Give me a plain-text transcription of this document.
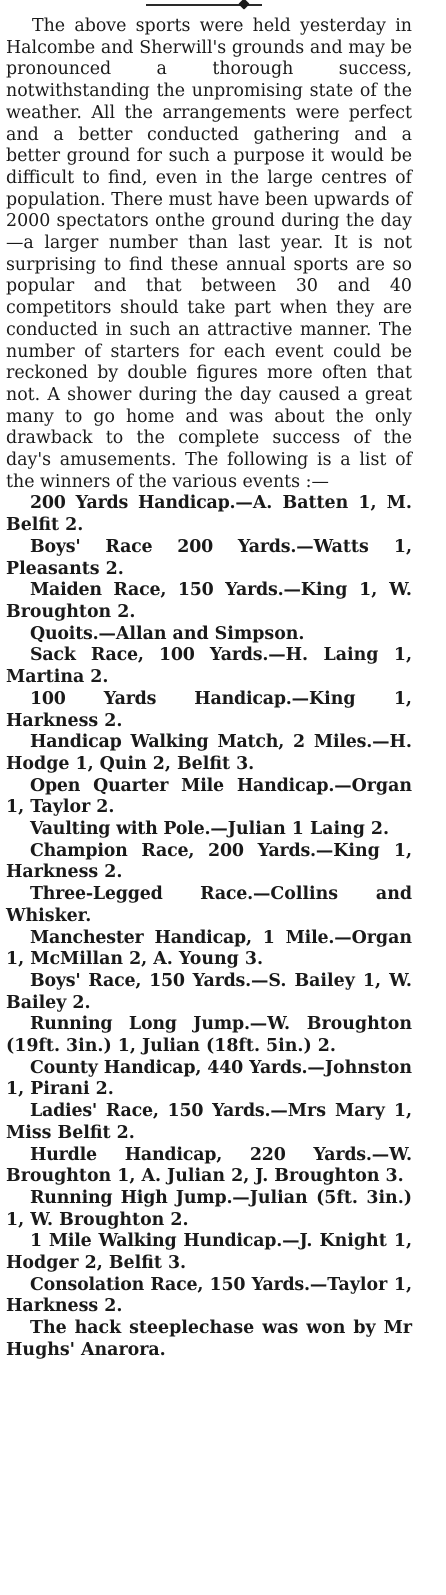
The above sports were held yesterday in Halcombe and Sherwill's grounds and may be pronounced a thorough success, notwithstanding the unpromising state of the weather. All the arrangements were perfect and a better conducted gathering and a better ground for such a purpose it would be difficult to find, even in the large centres of population. There must have been upwards of 2000 spectators onthe ground during the day—a larger number than last year. It is not surprising to find these annual sports are so popular and that between 30 and 40 competitors should take part when they are conducted in such an attractive manner. The number of starters for each event could be reckoned by double figures more often that not. A shower during the day caused a great many to go home and was about the only drawback to the complete success of the day's amusements. The following is a list of the winners of the various events :—

200 Yards Handicap.—A. Batten 1, M. Belfit 2.

Boys' Race 200 Yards.—Watts 1, Pleasants 2.

Maiden Race, 150 Yards.—King 1, W. Broughton 2.

Quoits.—Allan and Simpson.

Sack Race, 100 Yards.—H. Laing 1, Martina 2.

100 Yards Handicap.—King 1, Harkness 2.

Handicap Walking Match, 2 Miles.—H. Hodge 1, Quin 2, Belfit 3.

Open Quarter Mile Handicap.—Organ 1, Taylor 2.

Vaulting with Pole.—Julian 1 Laing 2.

Champion Race, 200 Yards.—King 1, Harkness 2.

Three-Legged Race.—Collins and Whisker.

Manchester Handicap, 1 Mile.—Organ 1, McMillan 2, A. Young 3.

Boys' Race, 150 Yards.—S. Bailey 1, W. Bailey 2.

Running Long Jump.—W. Broughton (19ft. 3in.) 1, Julian (18ft. 5in.) 2.

County Handicap, 440 Yards.—Johnston 1, Pirani 2.

Ladies' Race, 150 Yards.—Mrs Mary 1, Miss Belfit 2.

Hurdle Handicap, 220 Yards.—W. Broughton 1, A. Julian 2, J. Broughton 3.

Running High Jump.—Julian (5ft. 3in.) 1, W. Broughton 2.

1 Mile Walking Hundicap.—J. Knight 1, Hodger 2, Belfit 3.

Consolation Race, 150 Yards.—Taylor 1, Harkness 2.

The hack steeplechase was won by Mr Hughs' Anarora.
